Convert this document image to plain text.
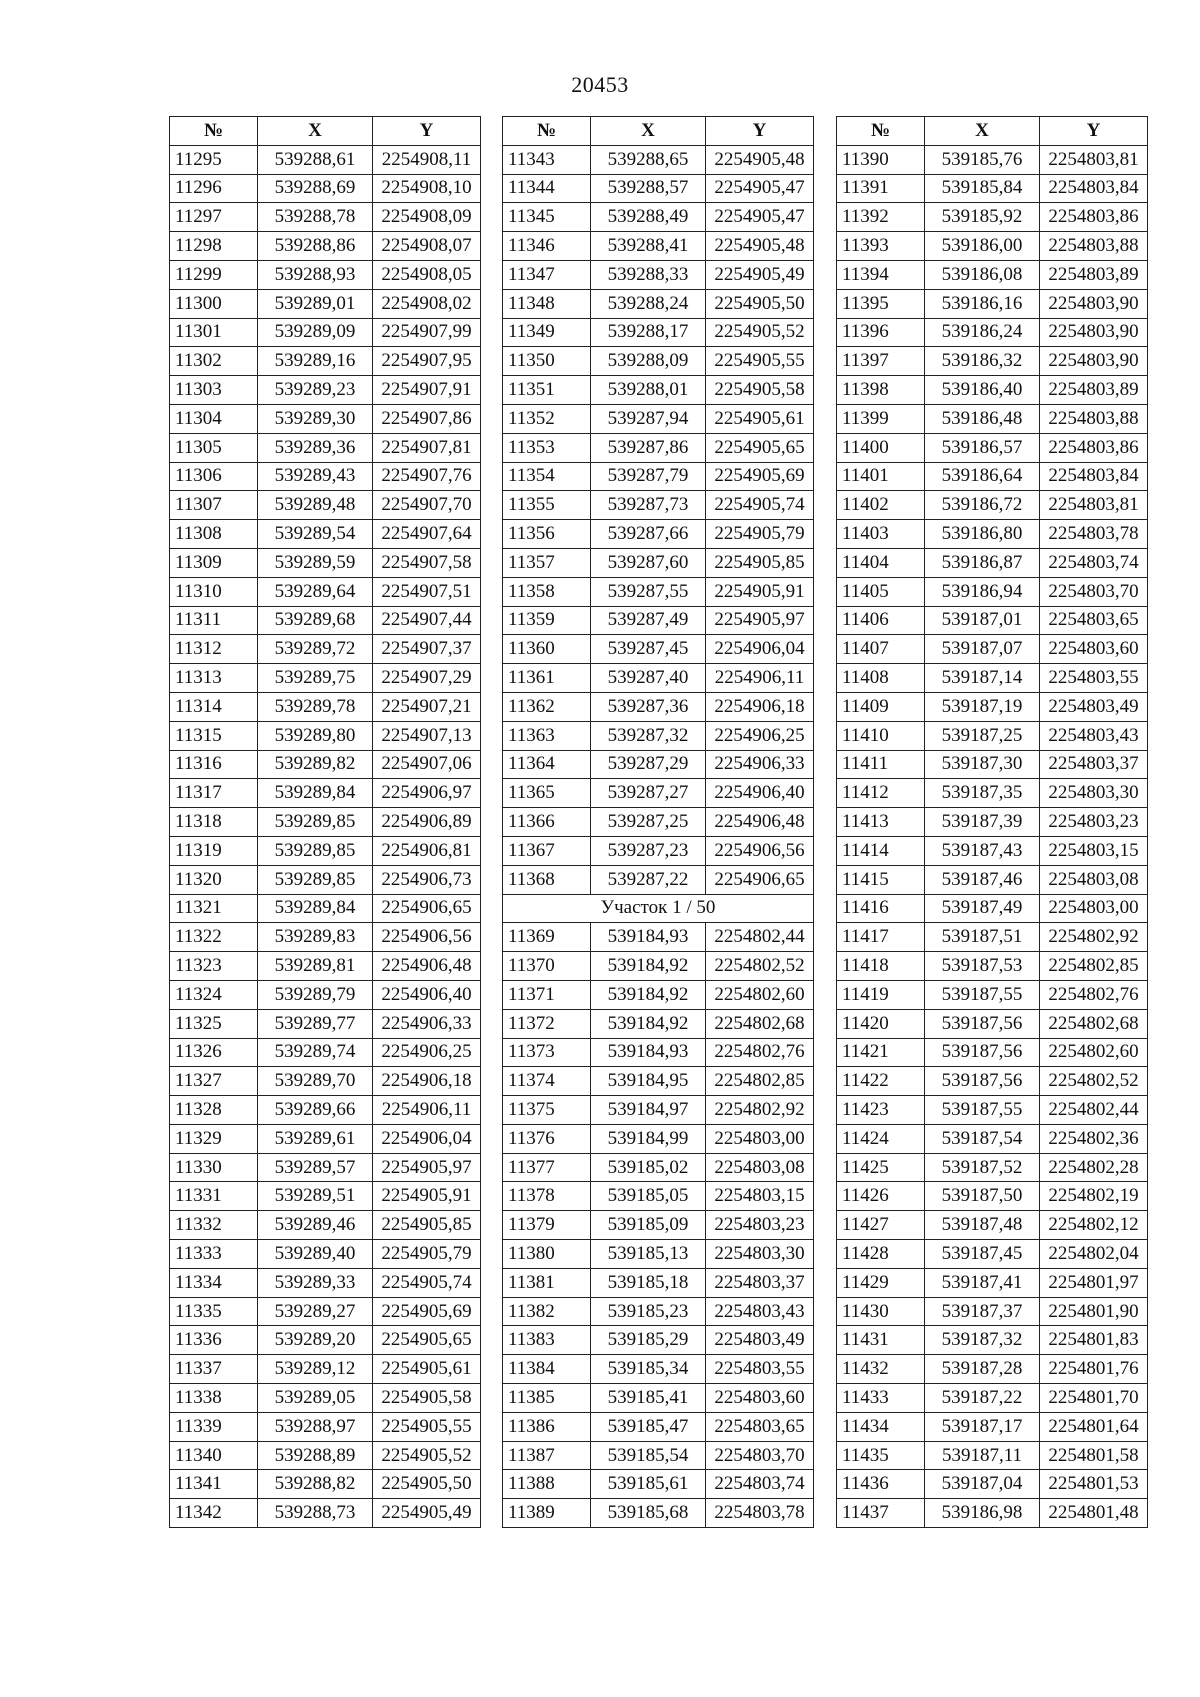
20453
№	X	Y
11295	539288,61	2254908,11
11296	539288,69	2254908,10
11297	539288,78	2254908,09
11298	539288,86	2254908,07
11299	539288,93	2254908,05
11300	539289,01	2254908,02
11301	539289,09	2254907,99
11302	539289,16	2254907,95
11303	539289,23	2254907,91
11304	539289,30	2254907,86
11305	539289,36	2254907,81
11306	539289,43	2254907,76
11307	539289,48	2254907,70
11308	539289,54	2254907,64
11309	539289,59	2254907,58
11310	539289,64	2254907,51
11311	539289,68	2254907,44
11312	539289,72	2254907,37
11313	539289,75	2254907,29
11314	539289,78	2254907,21
11315	539289,80	2254907,13
11316	539289,82	2254907,06
11317	539289,84	2254906,97
11318	539289,85	2254906,89
11319	539289,85	2254906,81
11320	539289,85	2254906,73
11321	539289,84	2254906,65
11322	539289,83	2254906,56
11323	539289,81	2254906,48
11324	539289,79	2254906,40
11325	539289,77	2254906,33
11326	539289,74	2254906,25
11327	539289,70	2254906,18
11328	539289,66	2254906,11
11329	539289,61	2254906,04
11330	539289,57	2254905,97
11331	539289,51	2254905,91
11332	539289,46	2254905,85
11333	539289,40	2254905,79
11334	539289,33	2254905,74
11335	539289,27	2254905,69
11336	539289,20	2254905,65
11337	539289,12	2254905,61
11338	539289,05	2254905,58
11339	539288,97	2254905,55
11340	539288,89	2254905,52
11341	539288,82	2254905,50
11342	539288,73	2254905,49
№	X	Y
11343	539288,65	2254905,48
11344	539288,57	2254905,47
11345	539288,49	2254905,47
11346	539288,41	2254905,48
11347	539288,33	2254905,49
11348	539288,24	2254905,50
11349	539288,17	2254905,52
11350	539288,09	2254905,55
11351	539288,01	2254905,58
11352	539287,94	2254905,61
11353	539287,86	2254905,65
11354	539287,79	2254905,69
11355	539287,73	2254905,74
11356	539287,66	2254905,79
11357	539287,60	2254905,85
11358	539287,55	2254905,91
11359	539287,49	2254905,97
11360	539287,45	2254906,04
11361	539287,40	2254906,11
11362	539287,36	2254906,18
11363	539287,32	2254906,25
11364	539287,29	2254906,33
11365	539287,27	2254906,40
11366	539287,25	2254906,48
11367	539287,23	2254906,56
11368	539287,22	2254906,65
Участок 1 / 50		
11369	539184,93	2254802,44
11370	539184,92	2254802,52
11371	539184,92	2254802,60
11372	539184,92	2254802,68
11373	539184,93	2254802,76
11374	539184,95	2254802,85
11375	539184,97	2254802,92
11376	539184,99	2254803,00
11377	539185,02	2254803,08
11378	539185,05	2254803,15
11379	539185,09	2254803,23
11380	539185,13	2254803,30
11381	539185,18	2254803,37
11382	539185,23	2254803,43
11383	539185,29	2254803,49
11384	539185,34	2254803,55
11385	539185,41	2254803,60
11386	539185,47	2254803,65
11387	539185,54	2254803,70
11388	539185,61	2254803,74
11389	539185,68	2254803,78
№	X	Y
11390	539185,76	2254803,81
11391	539185,84	2254803,84
11392	539185,92	2254803,86
11393	539186,00	2254803,88
11394	539186,08	2254803,89
11395	539186,16	2254803,90
11396	539186,24	2254803,90
11397	539186,32	2254803,90
11398	539186,40	2254803,89
11399	539186,48	2254803,88
11400	539186,57	2254803,86
11401	539186,64	2254803,84
11402	539186,72	2254803,81
11403	539186,80	2254803,78
11404	539186,87	2254803,74
11405	539186,94	2254803,70
11406	539187,01	2254803,65
11407	539187,07	2254803,60
11408	539187,14	2254803,55
11409	539187,19	2254803,49
11410	539187,25	2254803,43
11411	539187,30	2254803,37
11412	539187,35	2254803,30
11413	539187,39	2254803,23
11414	539187,43	2254803,15
11415	539187,46	2254803,08
11416	539187,49	2254803,00
11417	539187,51	2254802,92
11418	539187,53	2254802,85
11419	539187,55	2254802,76
11420	539187,56	2254802,68
11421	539187,56	2254802,60
11422	539187,56	2254802,52
11423	539187,55	2254802,44
11424	539187,54	2254802,36
11425	539187,52	2254802,28
11426	539187,50	2254802,19
11427	539187,48	2254802,12
11428	539187,45	2254802,04
11429	539187,41	2254801,97
11430	539187,37	2254801,90
11431	539187,32	2254801,83
11432	539187,28	2254801,76
11433	539187,22	2254801,70
11434	539187,17	2254801,64
11435	539187,11	2254801,58
11436	539187,04	2254801,53
11437	539186,98	2254801,48
